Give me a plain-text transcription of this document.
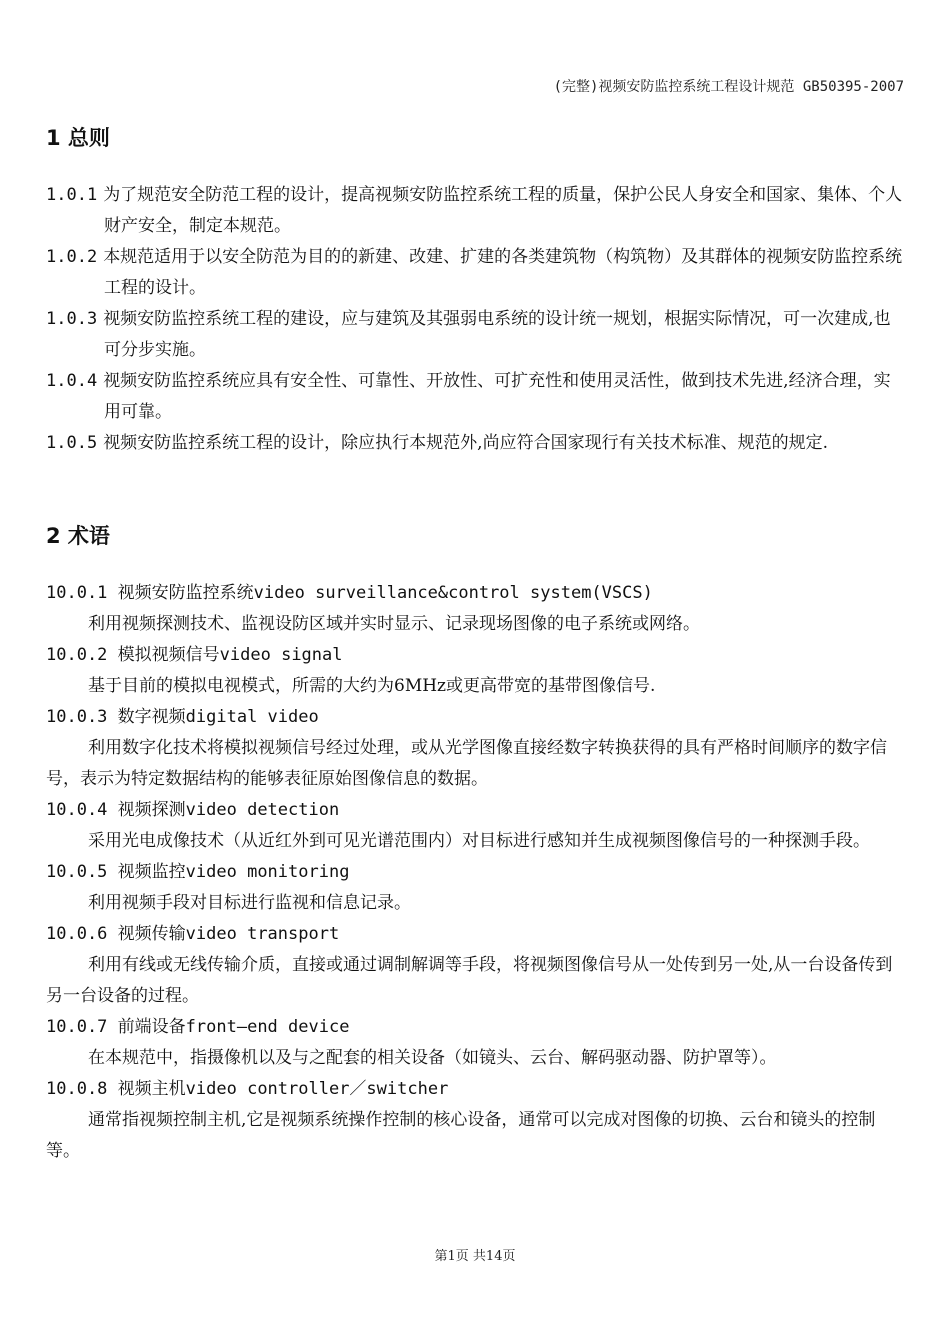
(完整)视频安防监控系统工程设计规范 GB50395-2007
1 总则

1.0.1 为了规范安全防范工程的设计，提高视频安防监控系统工程的质量，保护公民人身安全和国家、集体、个人财产安全，制定本规范。

1.0.2 本规范适用于以安全防范为目的的新建、改建、扩建的各类建筑物（构筑物）及其群体的视频安防监控系统工程的设计。

1.0.3 视频安防监控系统工程的建设，应与建筑及其强弱电系统的设计统一规划，根据实际情况，可一次建成,也可分步实施。

1.0.4 视频安防监控系统应具有安全性、可靠性、开放性、可扩充性和使用灵活性，做到技术先进,经济合理，实用可靠。

1.0.5 视频安防监控系统工程的设计，除应执行本规范外,尚应符合国家现行有关技术标准、规范的规定.

2 术语

10.0.1 视频安防监控系统video surveillance&control system(VSCS)

利用视频探测技术、监视设防区域并实时显示、记录现场图像的电子系统或网络。

10.0.2 模拟视频信号video signal

基于目前的模拟电视模式，所需的大约为6MHz或更高带宽的基带图像信号.

10.0.3 数字视频digital video

利用数字化技术将模拟视频信号经过处理，或从光学图像直接经数字转换获得的具有严格时间顺序的数字信号，表示为特定数据结构的能够表征原始图像信息的数据。

10.0.4 视频探测video detection

采用光电成像技术（从近红外到可见光谱范围内）对目标进行感知并生成视频图像信号的一种探测手段。

10.0.5 视频监控video monitoring

利用视频手段对目标进行监视和信息记录。

10.0.6 视频传输video transport

利用有线或无线传输介质，直接或通过调制解调等手段，将视频图像信号从一处传到另一处,从一台设备传到另一台设备的过程。

10.0.7 前端设备front—end device

在本规范中，指摄像机以及与之配套的相关设备（如镜头、云台、解码驱动器、防护罩等）。

10.0.8 视频主机video controller／switcher

通常指视频控制主机,它是视频系统操作控制的核心设备，通常可以完成对图像的切换、云台和镜头的控制等。

第1页 共14页
